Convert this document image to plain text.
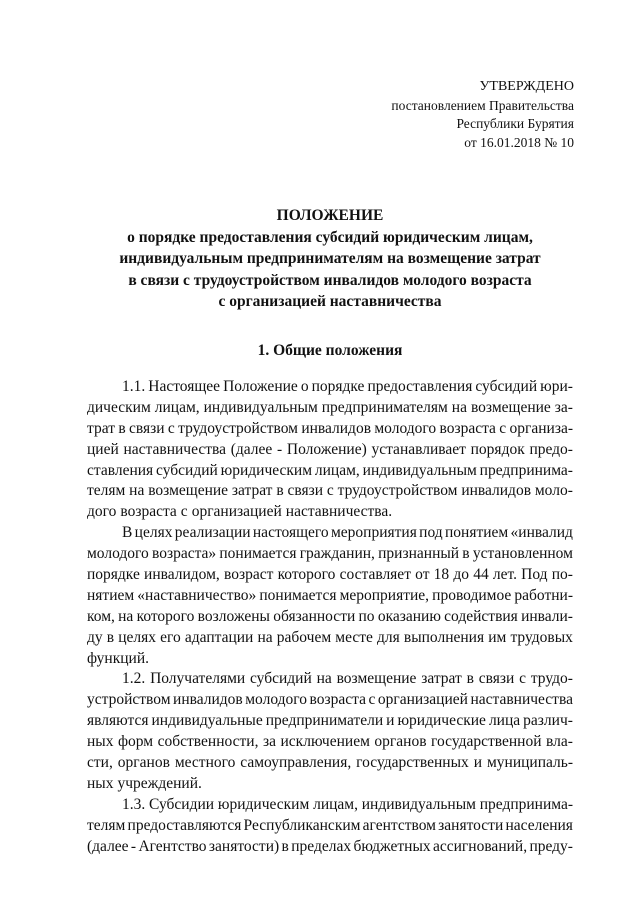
УТВЕРЖДЕНО
постановлением Правительства
Республики Бурятия
от 16.01.2018 № 10
ПОЛОЖЕНИЕ
о порядке предоставления субсидий юридическим лицам,
индивидуальным предпринимателям на возмещение затрат
в связи с трудоустройством инвалидов молодого возраста
с организацией наставничества
1. Общие положения
1.1. Настоящее Положение о порядке предоставления субсидий юри-
дическим лицам, индивидуальным предпринимателям на возмещение за-
трат в связи с трудоустройством инвалидов молодого возраста с организа-
цией наставничества (далее - Положение) устанавливает порядок предо-
ставления субсидий юридическим лицам, индивидуальным предпринима-
телям на возмещение затрат в связи с трудоустройством инвалидов моло-
дого возраста с организацией наставничества.
В целях реализации настоящего мероприятия под понятием «инвалид
молодого возраста» понимается гражданин, признанный в установленном
порядке инвалидом, возраст которого составляет от 18 до 44 лет. Под по-
нятием «наставничество» понимается мероприятие, проводимое работни-
ком, на которого возложены обязанности по оказанию содействия инвали-
ду в целях его адаптации на рабочем месте для выполнения им трудовых
функций.
1.2. Получателями субсидий на возмещение затрат в связи с трудо-
устройством инвалидов молодого возраста с организацией наставничества
являются индивидуальные предприниматели и юридические лица различ-
ных форм собственности, за исключением органов государственной вла-
сти, органов местного самоуправления, государственных и муниципаль-
ных учреждений.
1.3. Субсидии юридическим лицам, индивидуальным предпринима-
телям предоставляются Республиканским агентством занятости населения
(далее - Агентство занятости) в пределах бюджетных ассигнований, преду-
